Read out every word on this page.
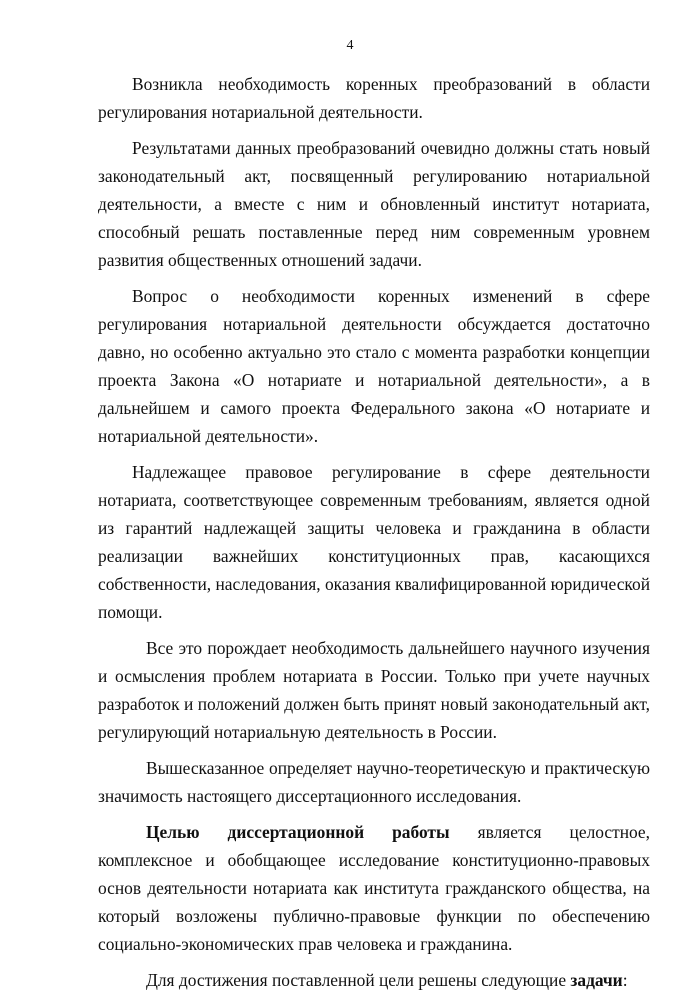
4

Возникла необходимость коренных преобразований в области регулирования нотариальной деятельности.

Результатами данных преобразований очевидно должны стать новый законодательный акт, посвященный регулированию нотариальной деятельности, а вместе с ним и обновленный институт нотариата, способный решать поставленные перед ним современным уровнем развития общественных отношений задачи.

Вопрос о необходимости коренных изменений в сфере регулирования нотариальной деятельности обсуждается достаточно давно, но особенно актуально это стало с момента разработки концепции проекта Закона «О нотариате и нотариальной деятельности», а в дальнейшем и самого проекта Федерального закона «О нотариате и нотариальной деятельности».

Надлежащее правовое регулирование в сфере деятельности нотариата, соответствующее современным требованиям, является одной из гарантий надлежащей защиты человека и гражданина в области реализации важнейших конституционных прав, касающихся собственности, наследования, оказания квалифицированной юридической помощи.

Все это порождает необходимость дальнейшего научного изучения и осмысления проблем нотариата в России. Только при учете научных разработок и положений должен быть принят новый законодательный акт, регулирующий нотариальную деятельность в России.

Вышесказанное определяет научно-теоретическую и практическую значимость настоящего диссертационного исследования.

Целью диссертационной работы является целостное, комплексное и обобщающее исследование конституционно-правовых основ деятельности нотариата как института гражданского общества, на который возложены публично-правовые функции по обеспечению социально-экономических прав человека и гражданина.

Для достижения поставленной цели решены следующие задачи:
